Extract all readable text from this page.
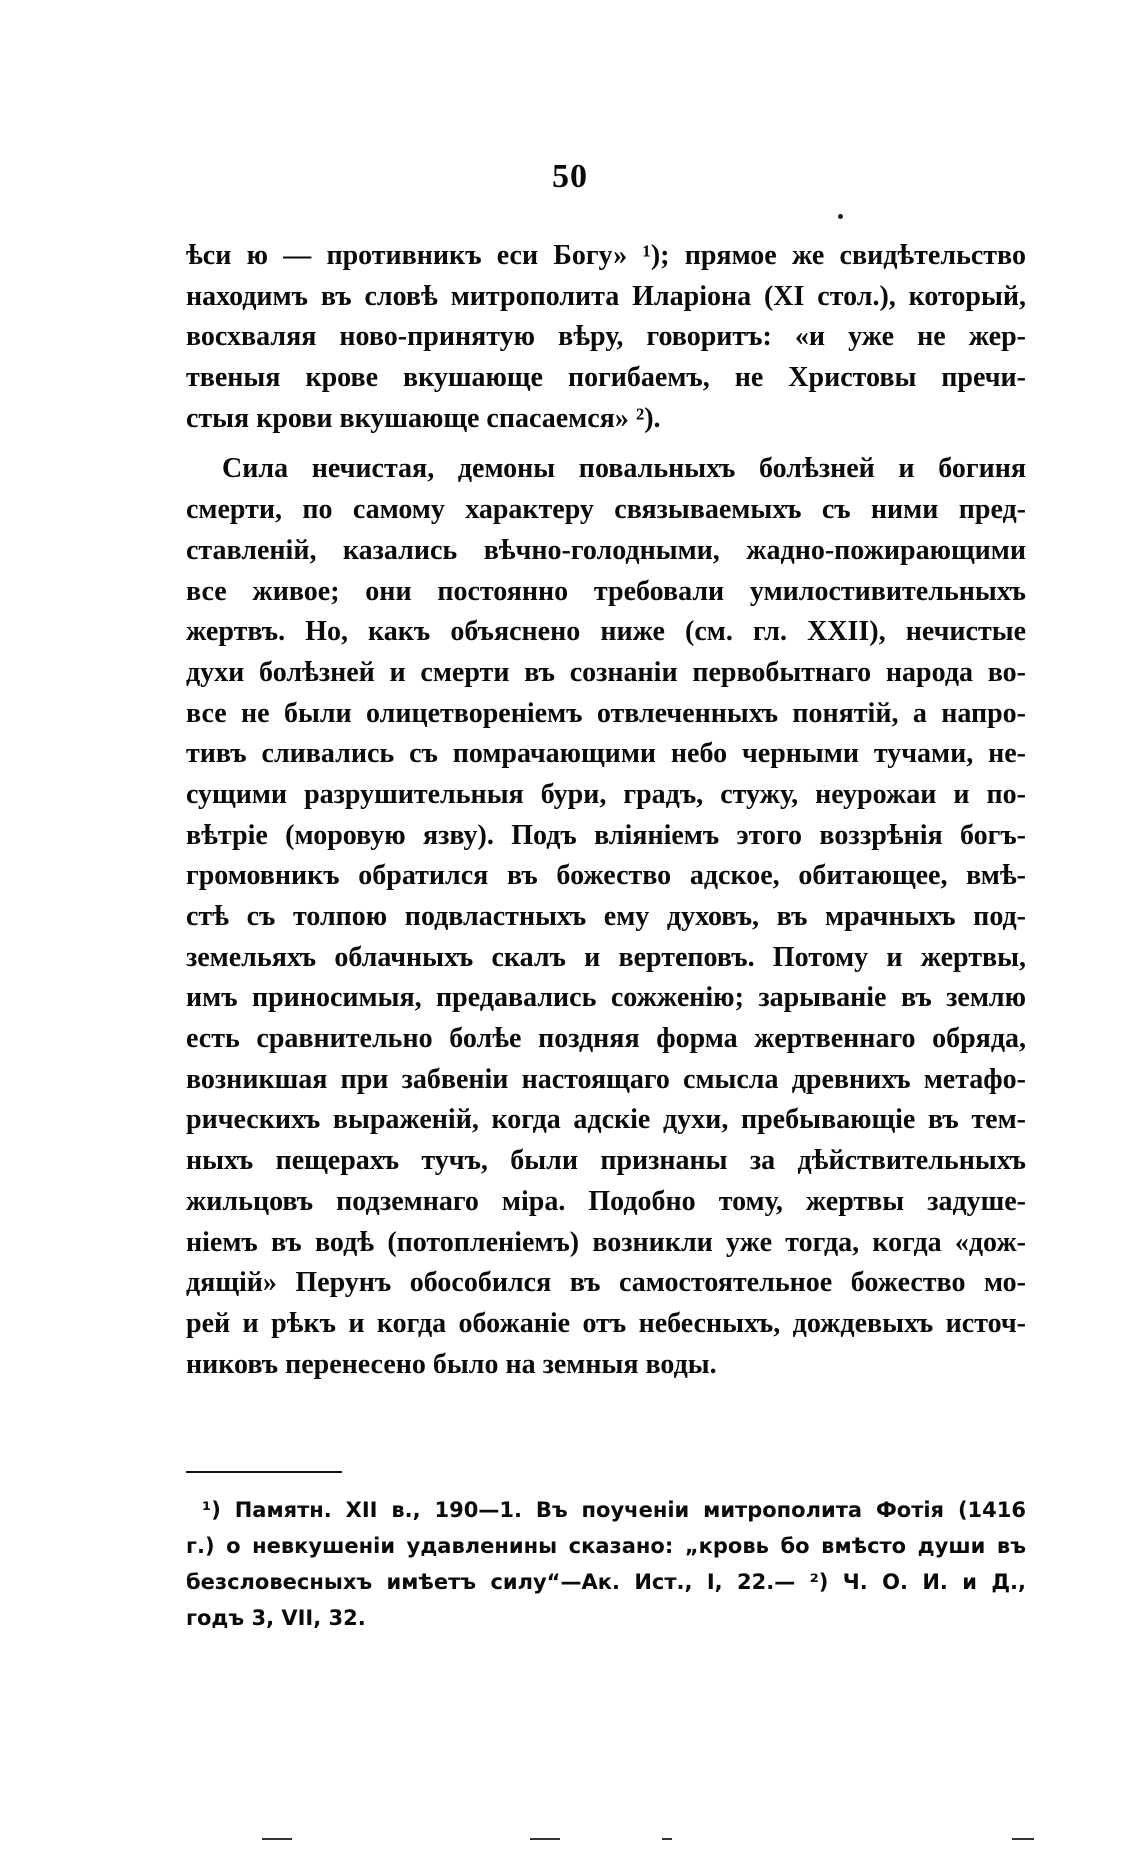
50
ѣси ю — противникъ еси Богу» ¹); прямое же свидѣтельство
находимъ въ словѣ митрополита Иларіона (XI стол.), который,
восхваляя ново-принятую вѣру, говоритъ: «и уже не жер-
твеныя крове вкушающе погибаемъ, не Христовы пречи-
стыя крови вкушающе спасаемся» ²).
Сила нечистая, демоны повальныхъ болѣзней и богиня
смерти, по самому характеру связываемыхъ съ ними пред-
ставленій, казались вѣчно-голодными, жадно-пожирающими
все живое; они постоянно требовали умилостивительныхъ
жертвъ. Но, какъ объяснено ниже (см. гл. XXII), нечистые
духи болѣзней и смерти въ сознаніи первобытнаго народа во-
все не были олицетвореніемъ отвлеченныхъ понятій, а напро-
тивъ сливались съ помрачающими небо черными тучами, не-
сущими разрушительныя бури, градъ, стужу, неурожаи и по-
вѣтріе (моровую язву). Подъ вліяніемъ этого воззрѣнія богъ-
громовникъ обратился въ божество адское, обитающее, вмѣ-
стѣ съ толпою подвластныхъ ему духовъ, въ мрачныхъ под-
земельяхъ облачныхъ скалъ и вертеповъ. Потому и жертвы,
имъ приносимыя, предавались сожженію; зарываніе въ землю
есть сравнительно болѣе поздняя форма жертвеннаго обряда,
возникшая при забвеніи настоящаго смысла древнихъ метафо-
рическихъ выраженій, когда адскіе духи, пребывающіе въ тем-
ныхъ пещерахъ тучъ, были признаны за дѣйствительныхъ
жильцовъ подземнаго міра. Подобно тому, жертвы задуше-
ніемъ въ водѣ (потопленіемъ) возникли уже тогда, когда «дож-
дящій» Перунъ обособился въ самостоятельное божество мо-
рей и рѣкъ и когда обожаніе отъ небесныхъ, дождевыхъ источ-
никовъ перенесено было на земныя воды.
¹) Памятн. XII в., 190—1. Въ поученіи митрополита Фотія (1416
г.) о невкушеніи удавленины сказано: „кровь бо вмѣсто души въ
безсловесныхъ имѣетъ силу“—Ак. Ист., I, 22.— ²) Ч. О. И. и Д.,
годъ 3, VII, 32.
